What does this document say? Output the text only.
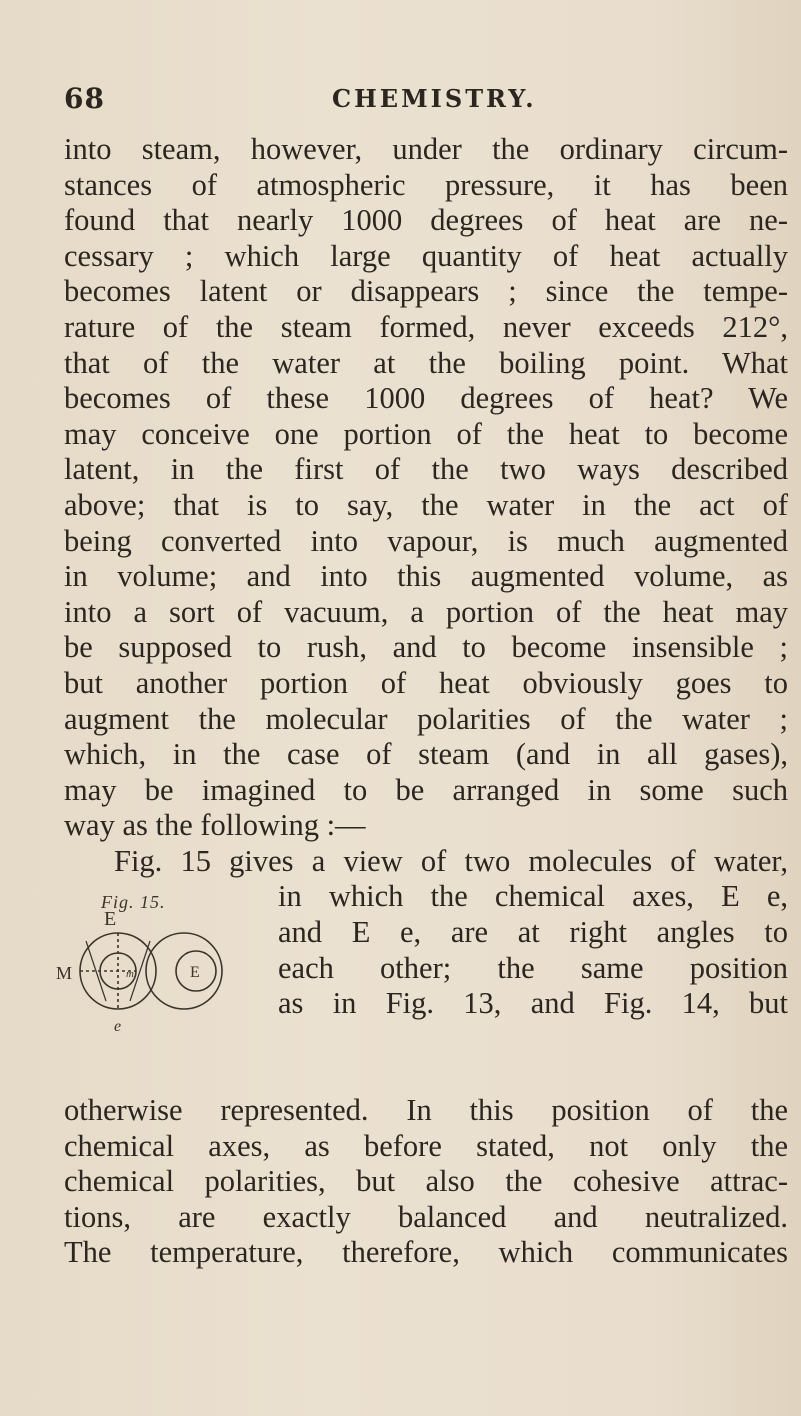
68	CHEMISTRY.
into steam, however, under the ordinary circum-
stances of atmospheric pressure, it has been
found that nearly 1000 degrees of heat are ne-
cessary ; which large quantity of heat actually
becomes latent or disappears ; since the tempe-
rature of the steam formed, never exceeds 212°,
that of the water at the boiling point. What
becomes of these 1000 degrees of heat? We
may conceive one portion of the heat to become
latent, in the first of the two ways described
above; that is to say, the water in the act of
being converted into vapour, is much augmented
in volume; and into this augmented volume, as
into a sort of vacuum, a portion of the heat may
be supposed to rush, and to become insensible ;
but another portion of heat obviously goes to
augment the molecular polarities of the water ;
which, in the case of steam (and in all gases),
may be imagined to be arranged in some such
way as the following :—
Fig. 15 gives a view of two molecules of water,
Fig. 15.
E
M	E
m
e
in which the chemical axes, E e,
and E e, are at right angles to
each other; the same position
as in Fig. 13, and Fig. 14, but
otherwise represented. In this position of the
chemical axes, as before stated, not only the
chemical polarities, but also the cohesive attrac-
tions, are exactly balanced and neutralized.
The temperature, therefore, which communicates
